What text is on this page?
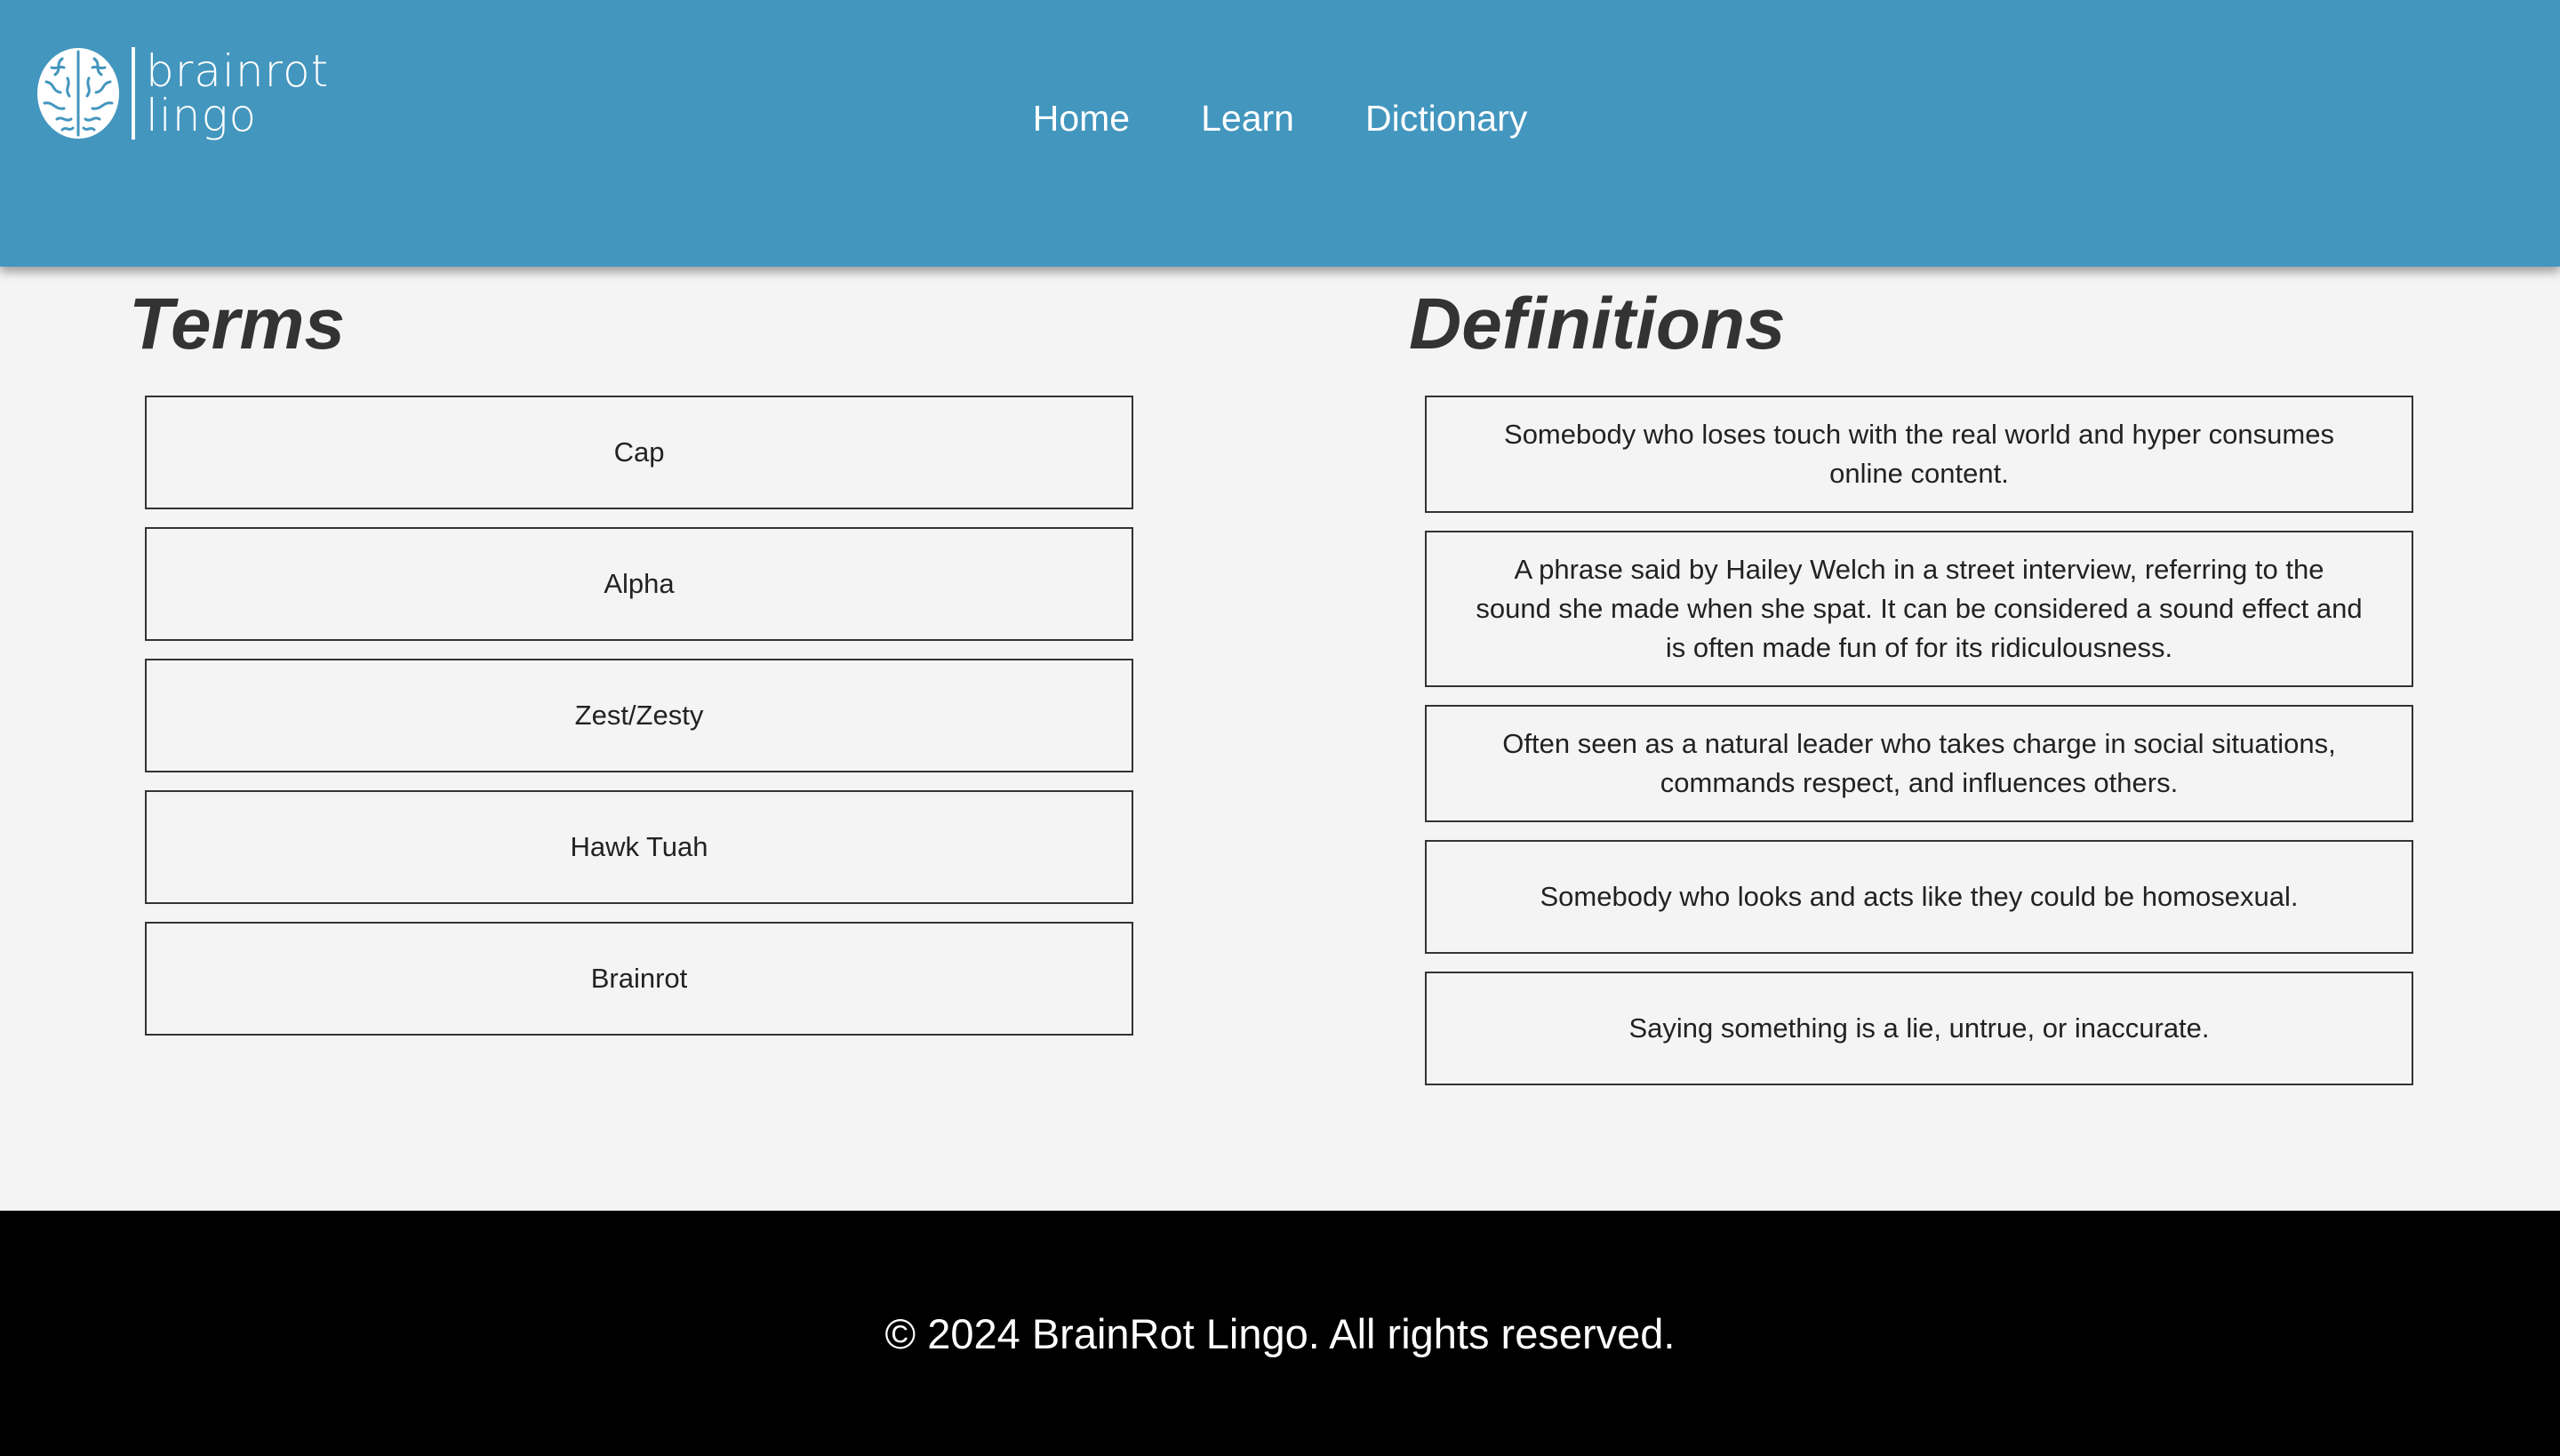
brainrot
lingo	Home Learn Dictionary
Terms	Definitions
Cap
Alpha
Zest/Zesty
Hawk Tuah
Brainrot
Somebody who loses touch with the real world and hyper consumes online content.
A phrase said by Hailey Welch in a street interview, referring to the sound she made when she spat. It can be considered a sound effect and is often made fun of for its ridiculousness.
Often seen as a natural leader who takes charge in social situations, commands respect, and influences others.
Somebody who looks and acts like they could be homosexual.
Saying something is a lie, untrue, or inaccurate.
© 2024 BrainRot Lingo. All rights reserved.
